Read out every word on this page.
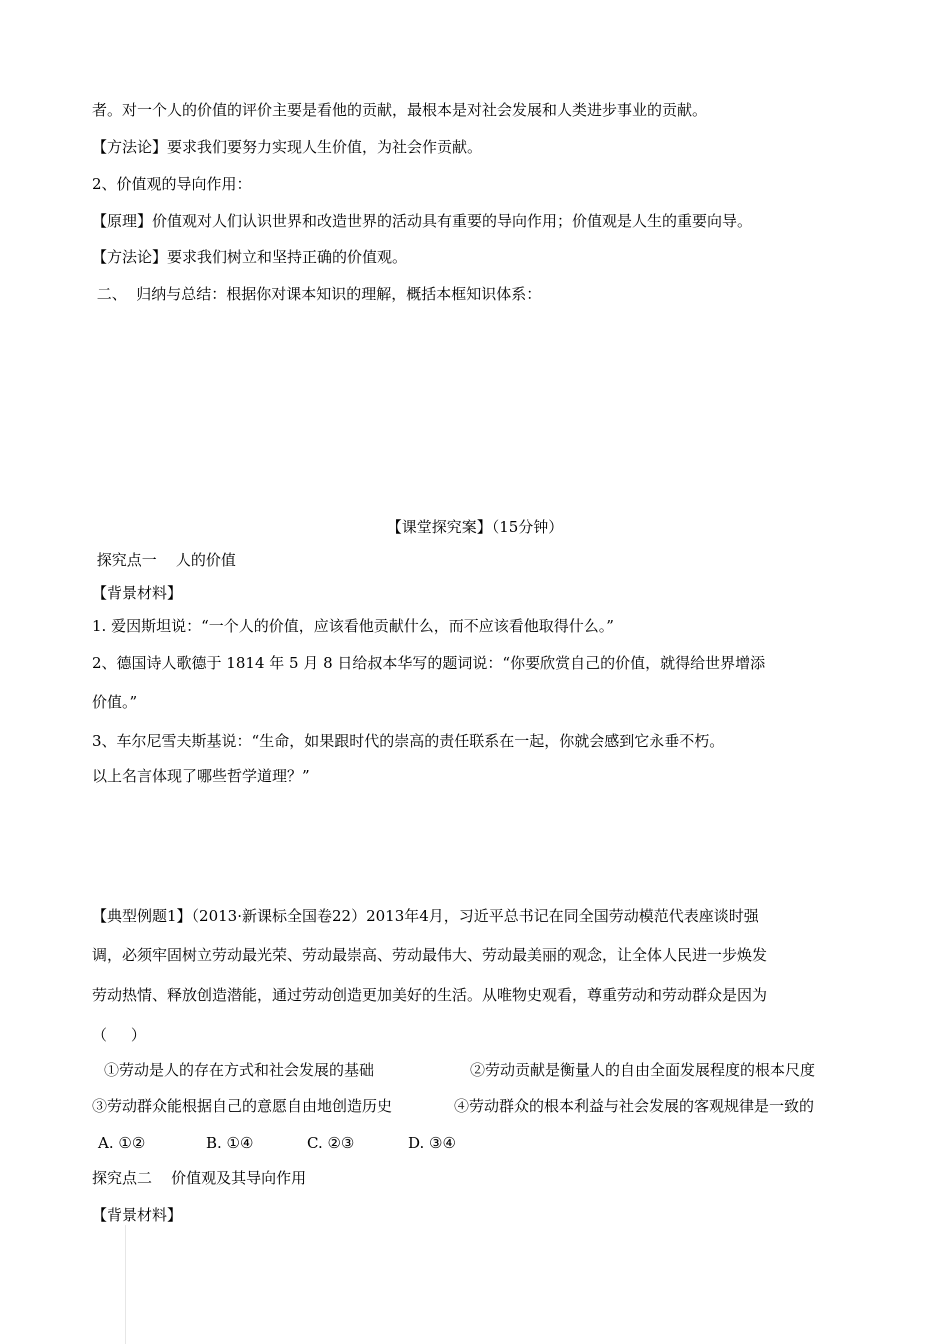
者。对一个人的价值的评价主要是看他的贡献，最根本是对社会发展和人类进步事业的贡献。
【方法论】要求我们要努力实现人生价值，为社会作贡献。
2、价值观的导向作用：
【原理】价值观对人们认识世界和改造世界的活动具有重要的导向作用；价值观是人生的重要向导。
【方法论】要求我们树立和坚持正确的价值观。
二、  归纳与总结：根据你对课本知识的理解，概括本框知识体系：
【课堂探究案】（15分钟）
探究点一    人的价值
【背景材料】
1. 爱因斯坦说：“一个人的价值，应该看他贡献什么，而不应该看他取得什么。”
2、德国诗人歌德于 1814 年 5 月 8 日给叔本华写的题词说：“你要欣赏自己的价值，就得给世界增添
价值。”
3、车尔尼雪夫斯基说：“生命，如果跟时代的崇高的责任联系在一起，你就会感到它永垂不朽。
以上名言体现了哪些哲学道理？”
【典型例题1】（2013·新课标全国卷22）2013年4月，习近平总书记在同全国劳动模范代表座谈时强
调，必须牢固树立劳动最光荣、劳动最崇高、劳动最伟大、劳动最美丽的观念，让全体人民进一步焕发
劳动热情、释放创造潜能，通过劳动创造更加美好的生活。从唯物史观看，尊重劳动和劳动群众是因为
（     ）
①劳动是人的存在方式和社会发展的基础	②劳动贡献是衡量人的自由全面发展程度的根本尺度
③劳动群众能根据自己的意愿自由地创造历史	④劳动群众的根本利益与社会发展的客观规律是一致的
A. ①②	B. ①④	C. ②③	D. ③④
探究点二    价值观及其导向作用
【背景材料】
